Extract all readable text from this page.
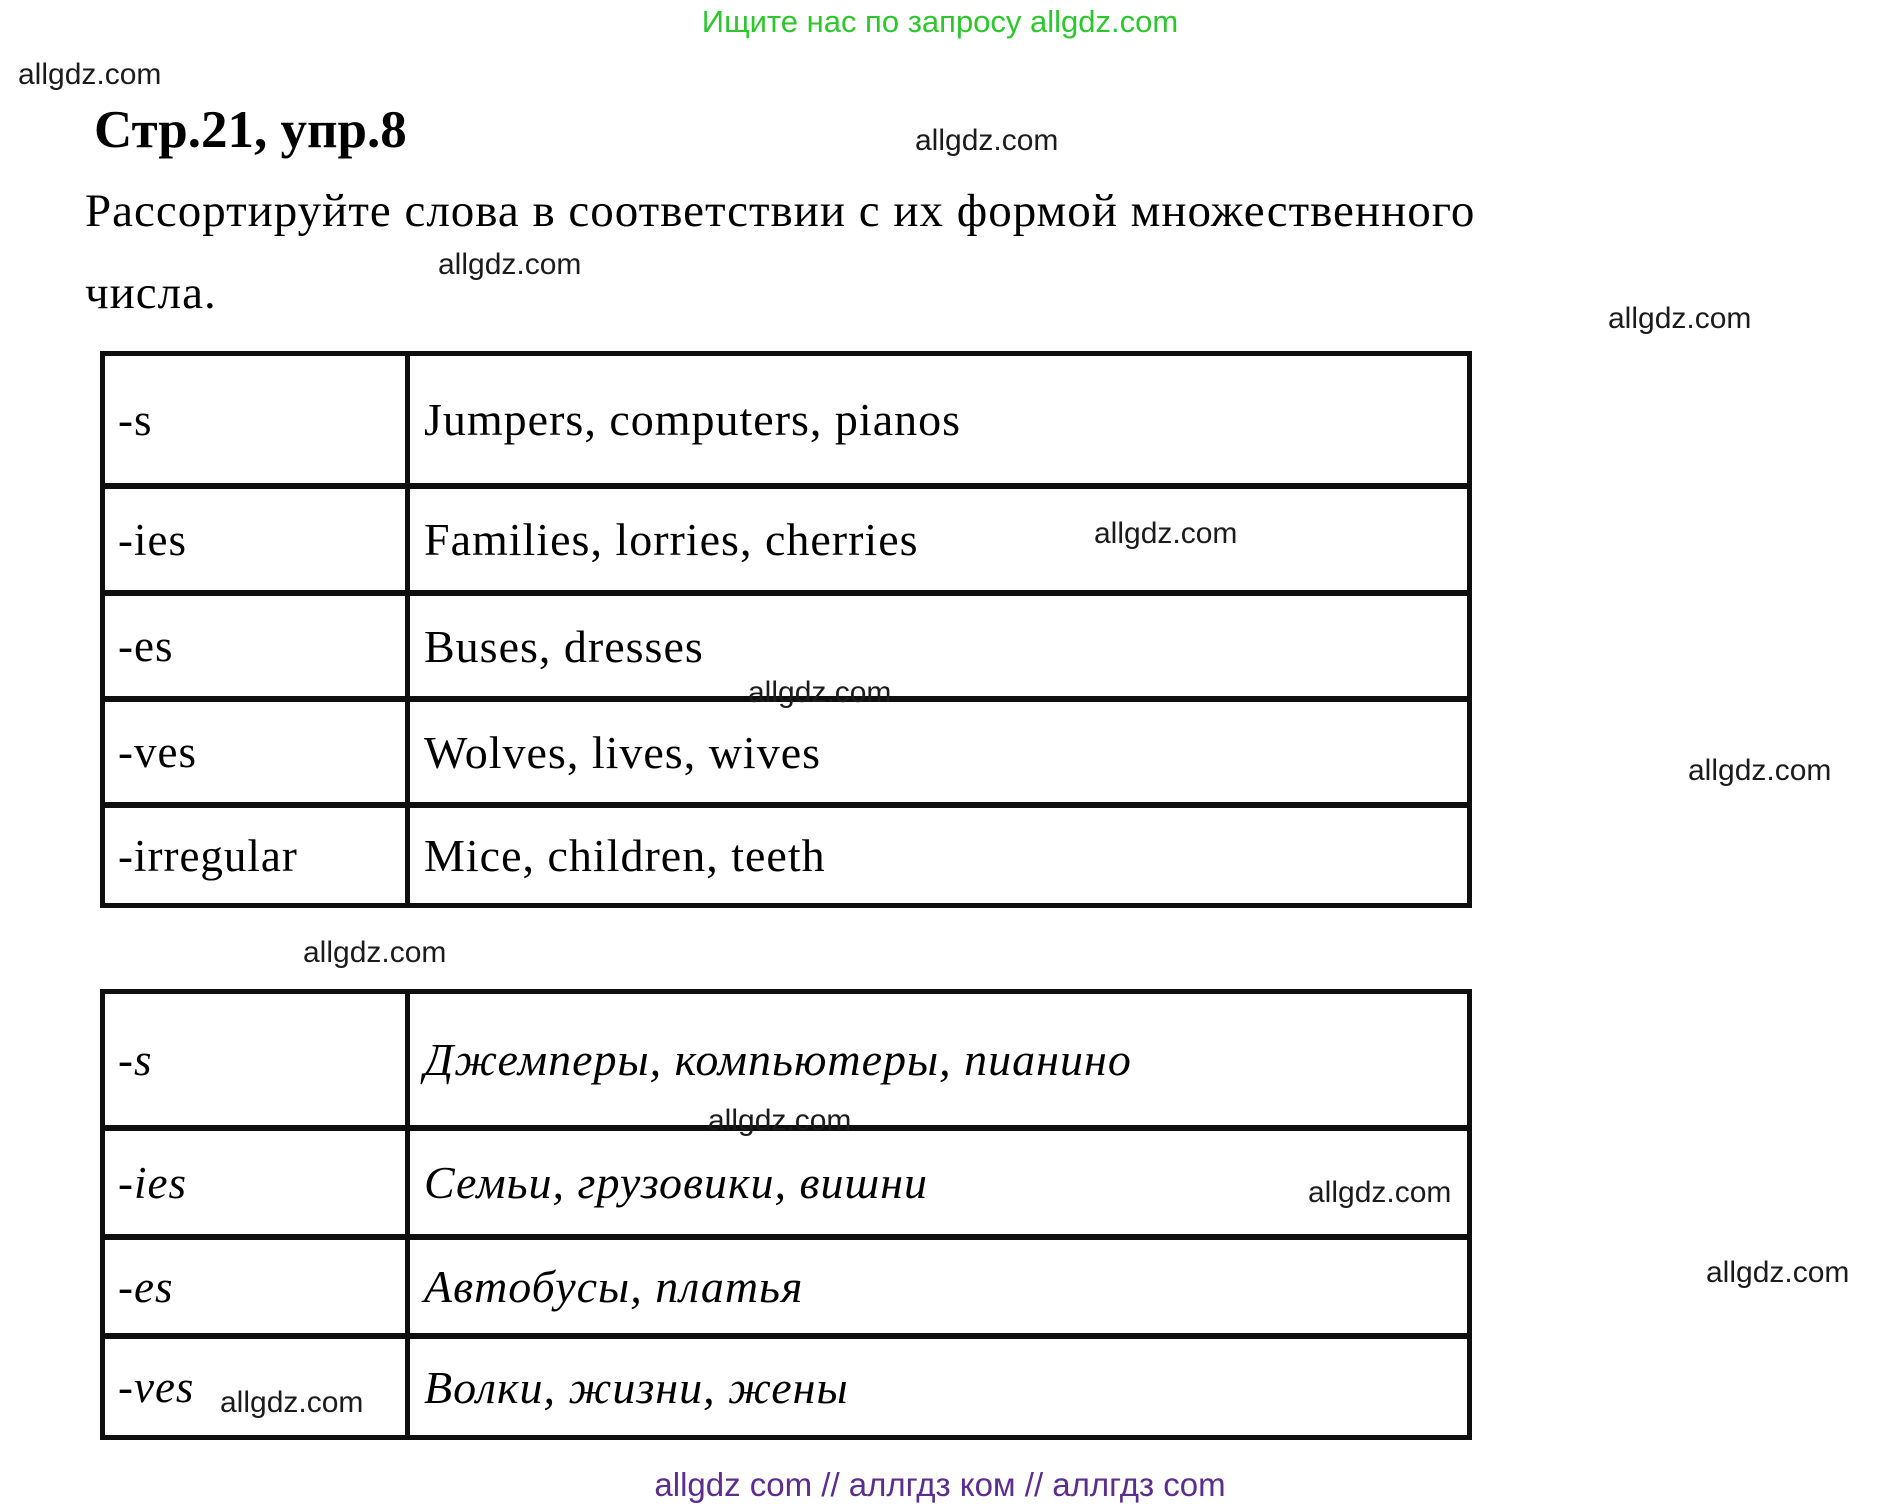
Ищите нас по запросу allgdz.com
allgdz.com
allgdz.com
allgdz.com
allgdz.com
allgdz.com
allgdz.com
allgdz.com
allgdz.com
allgdz.com
allgdz.com
allgdz.com
allgdz.com
Стр.21, упр.8
Рассортируйте слова в соответствии с их формой множественного
числа.
-s	Jumpers, computers, pianos
-ies	Families, lorries, cherries
-es	Buses, dresses
-ves	Wolves, lives, wives
-irregular	Mice, children, teeth
-s	Джемперы, компьютеры, пианино
-ies	Семьи, грузовики, вишни
-es	Автобусы, платья
-ves	Волки, жизни, жены
allgdz com // аллгдз ком // аллгдз com
